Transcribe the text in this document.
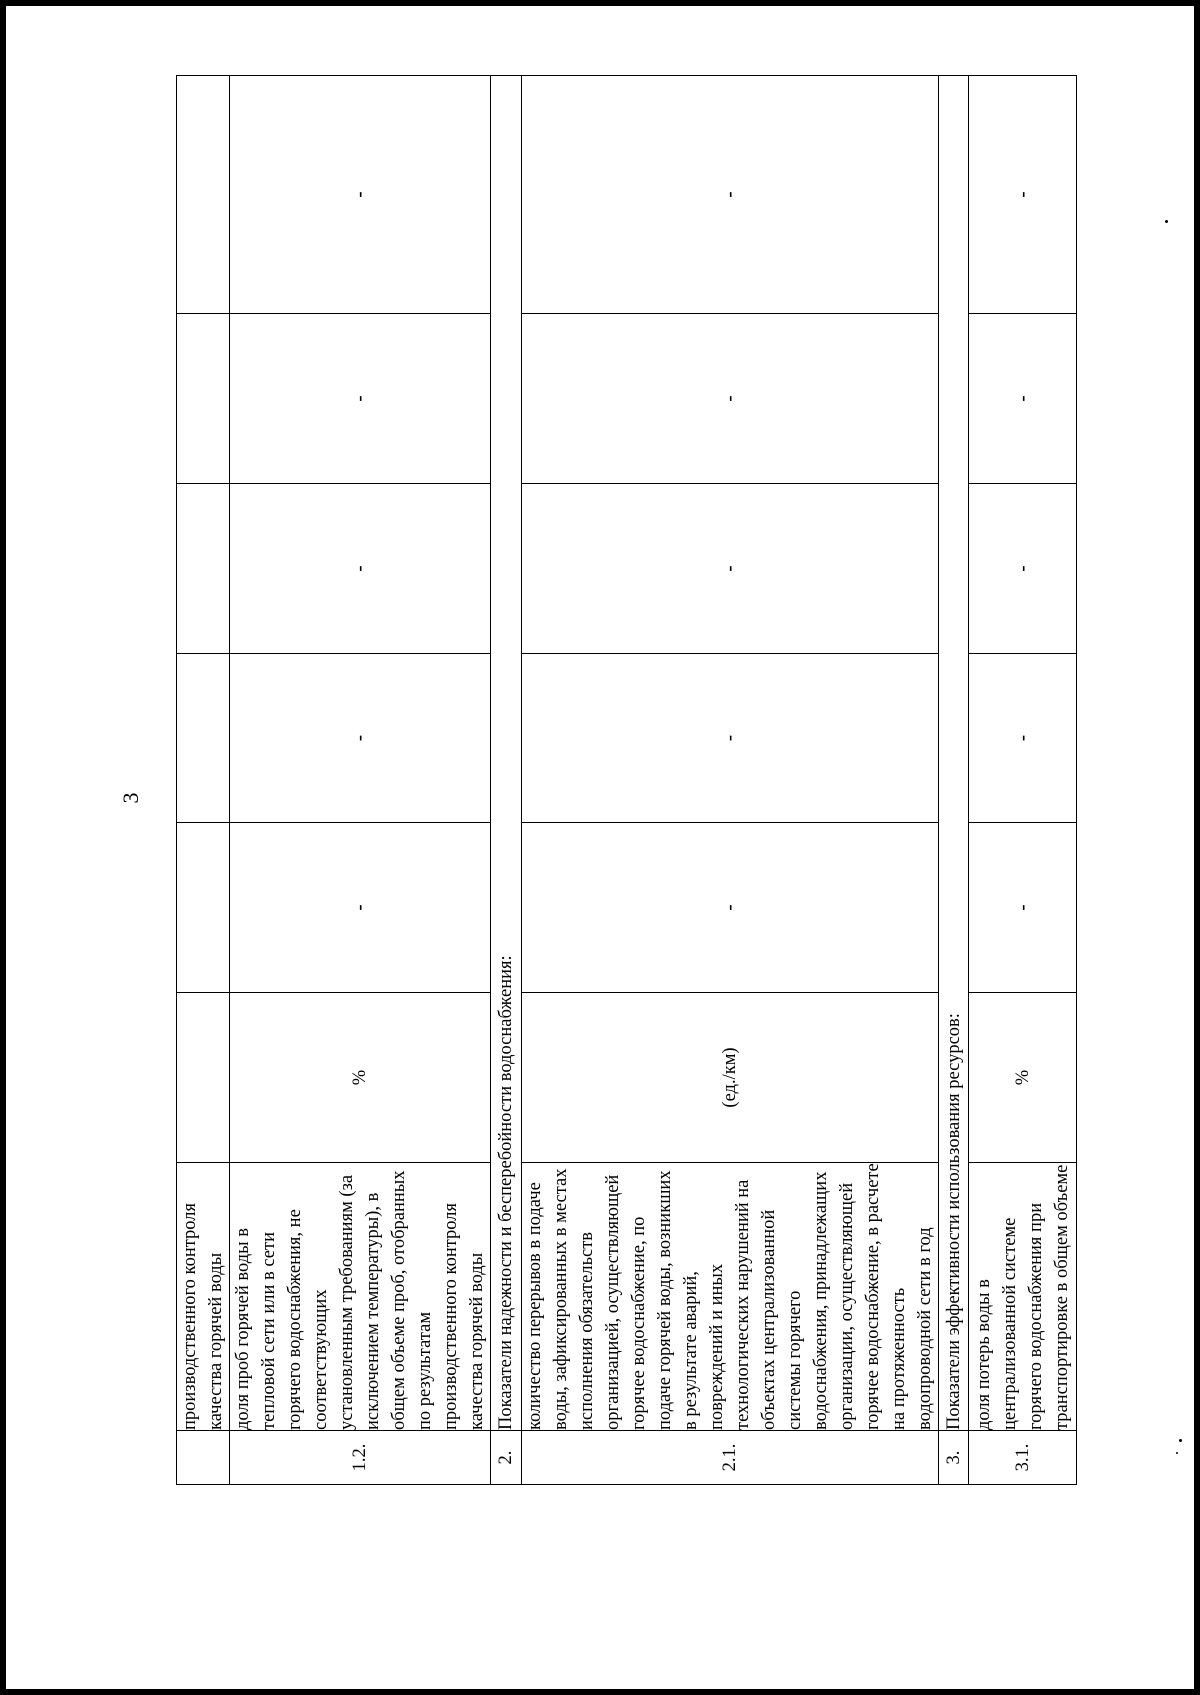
3
	производственного контроля качества горячей воды						
1.2.	доля проб горячей воды в тепловой сети или в сети горячего водоснабжения, не соответствующих установленным требованиям (за исключением температуры), в общем объеме проб, отобранных по результатам производственного контроля качества горячей воды	%	-	-	-	-	-
2.	Показатели надежности и бесперебойности водоснабжения:						
2.1.	количество перерывов в подаче воды, зафиксированных в местах исполнения обязательств организацией, осуществляющей горячее водоснабжение, по подаче горячей воды, возникших в результате аварий, повреждений и иных технологических нарушений на объектах централизованной системы горячего водоснабжения, принадлежащих организации, осуществляющей горячее водоснабжение, в расчете на протяженность водопроводной сети в год	(ед./км)	-	-	-	-	-
3.	Показатели эффективности использования ресурсов:						
3.1.	доля потерь воды в централизованной системе горячего водоснабжения при транспортировке в общем объеме	%	-	-	-	-	-
